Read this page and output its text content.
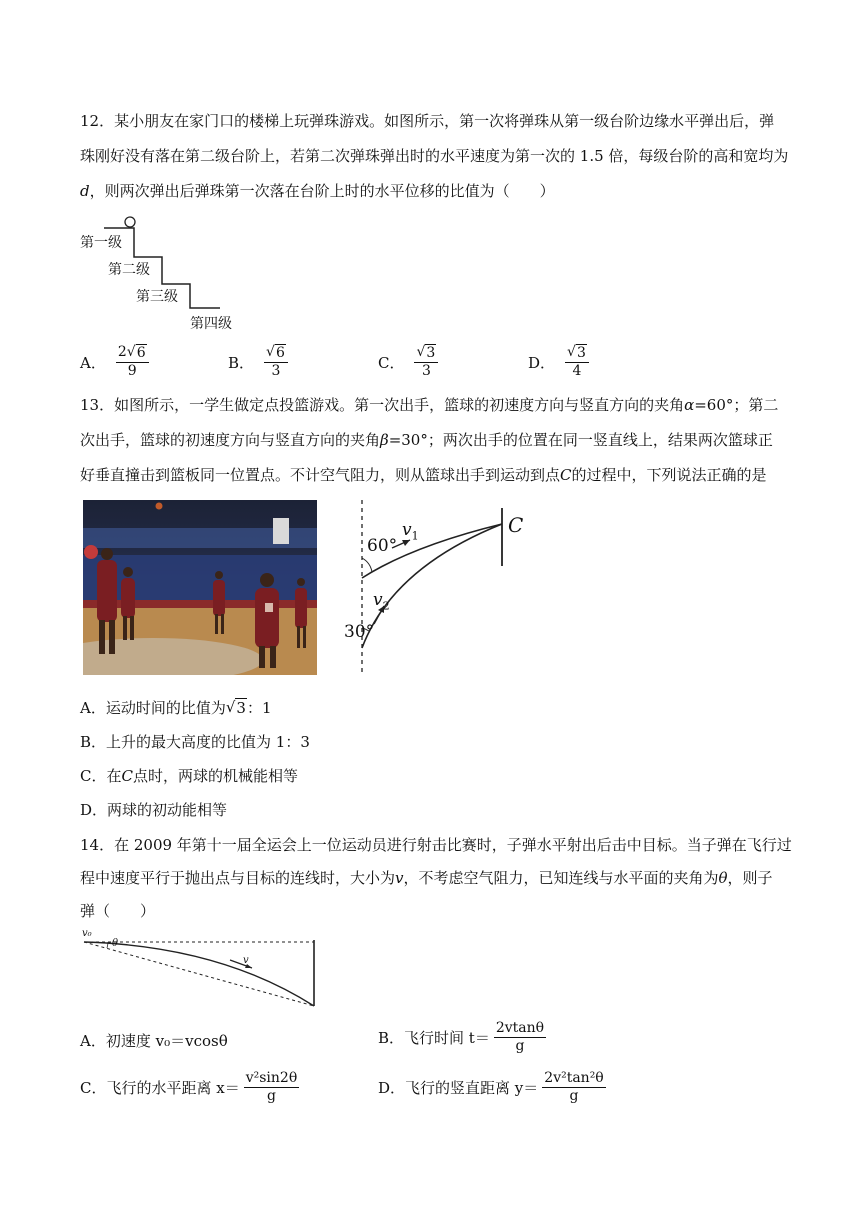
12．某小朋友在家门口的楼梯上玩弹珠游戏。如图所示，第一次将弹珠从第一级台阶边缘水平弹出后，弹
珠刚好没有落在第二级台阶上，若第二次弹珠弹出时的水平速度为第一次的 1.5 倍，每级台阶的高和宽均为
d，则两次弹出后弹珠第一次落在台阶上时的水平位移的比值为（　　）
第一级
第二级
第三级
第四级
A． $\frac{2√ 6}{9}$	B． $\frac{√ 6}{3}$	C． $\frac{√ 3}{3}$	D． $\frac{√ 3}{4}$
13．如图所示，一学生做定点投篮游戏。第一次出手，篮球的初速度方向与竖直方向的夹角α=60°；第二
次出手，篮球的初速度方向与竖直方向的夹角β=30°；两次出手的位置在同一竖直线上，结果两次篮球正
好垂直撞击到篮板同一位置点。不计空气阻力，则从篮球出手到运动到点C的过程中，下列说法正确的是
60°
30°
$v_1$
$v_2$
C
A．运动时间的比值为 √ 3 ：1
B．上升的最大高度的比值为 1：3
C．在 C 点时，两球的机械能相等
D．两球的初动能相等
14．在 2009 年第十一届全运会上一位运动员进行射击比赛时，子弹水平射出后击中目标。当子弹在飞行过
程中速度平行于抛出点与目标的连线时，大小为v，不考虑空气阻力，已知连线与水平面的夹角为θ，则子
弹（　　）
v₀
θ
v
A．初速度 v₀＝vcosθ	B．飞行时间 $t= \frac{2vtan\theta}{g}$
C．飞行的水平距离 $x= \frac{\text{v²sin2θ}}{g}$	D．飞行的竖直距离 $y= \frac{\text{2v²tan²θ}}{g}$
